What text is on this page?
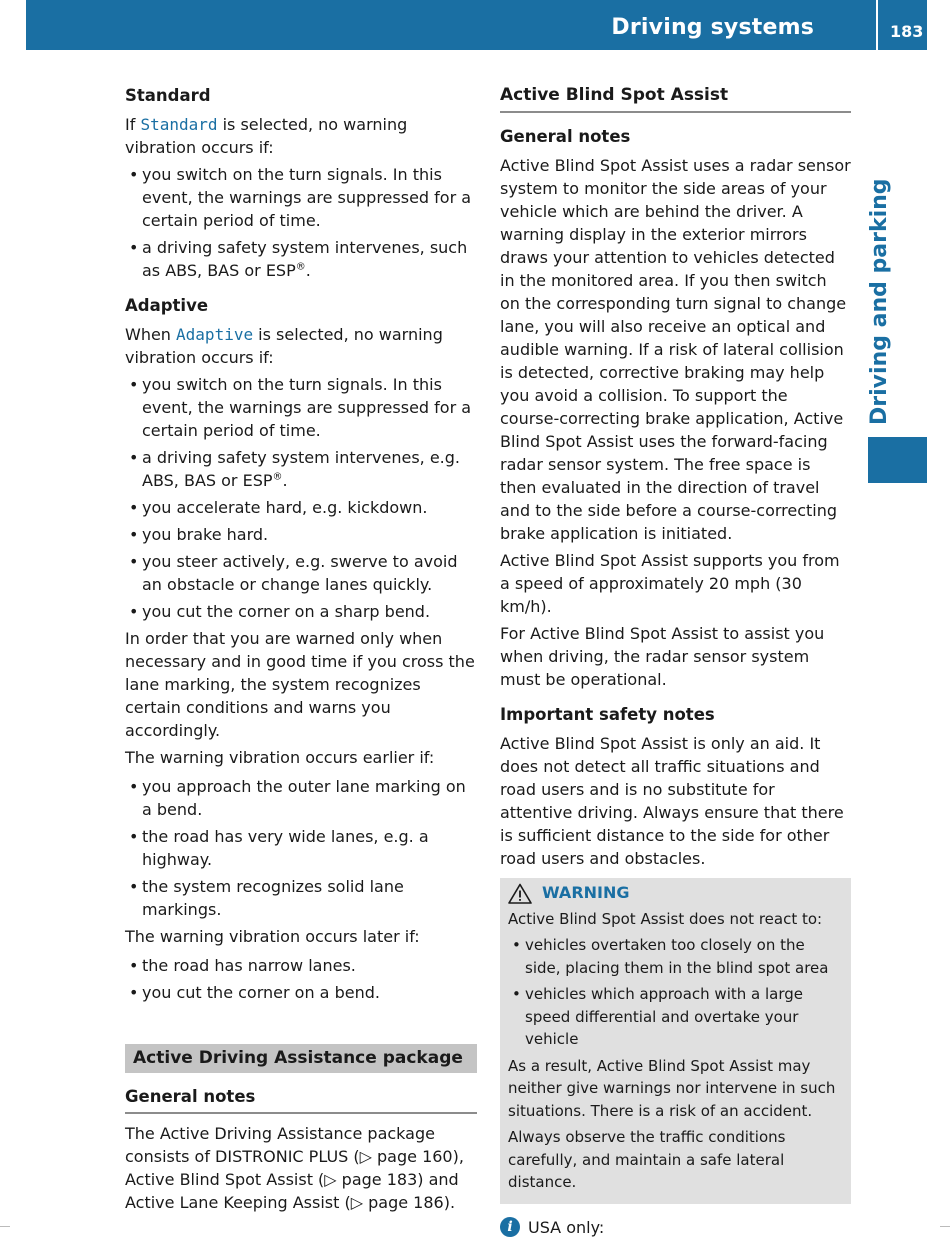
Driving systems	183
Driving and parking
Standard

If Standard is selected, no warning vibration occurs if:

• you switch on the turn signals. In this event, the warnings are suppressed for a certain period of time.
• a driving safety system intervenes, such as ABS, BAS or ESP®.
Adaptive

When Adaptive is selected, no warning vibration occurs if:

• you switch on the turn signals. In this event, the warnings are suppressed for a certain period of time.
• a driving safety system intervenes, e.g. ABS, BAS or ESP®.
• you accelerate hard, e.g. kickdown.
• you brake hard.
• you steer actively, e.g. swerve to avoid an obstacle or change lanes quickly.
• you cut the corner on a sharp bend.

In order that you are warned only when necessary and in good time if you cross the lane marking, the system recognizes certain conditions and warns you accordingly.

The warning vibration occurs earlier if:

• you approach the outer lane marking on a bend.
• the road has very wide lanes, e.g. a highway.
• the system recognizes solid lane markings.

The warning vibration occurs later if:

• the road has narrow lanes.
• you cut the corner on a bend.
Active Driving Assistance package
General notes

The Active Driving Assistance package consists of DISTRONIC PLUS (▷ page 160), Active Blind Spot Assist (▷ page 183) and Active Lane Keeping Assist (▷ page 186).

Active Blind Spot Assist
General notes

Active Blind Spot Assist uses a radar sensor system to monitor the side areas of your vehicle which are behind the driver. A warning display in the exterior mirrors draws your attention to vehicles detected in the monitored area. If you then switch on the corresponding turn signal to change lane, you will also receive an optical and audible warning. If a risk of lateral collision is detected, corrective braking may help you avoid a collision. To support the course-correcting brake application, Active Blind Spot Assist uses the forward-facing radar sensor system. The free space is then evaluated in the direction of travel and to the side before a course-correcting brake application is initiated.

Active Blind Spot Assist supports you from a speed of approximately 20 mph (30 km/h).

For Active Blind Spot Assist to assist you when driving, the radar sensor system must be operational.

Important safety notes

Active Blind Spot Assist is only an aid. It does not detect all traffic situations and road users and is no substitute for attentive driving. Always ensure that there is sufficient distance to the side for other road users and obstacles.

WARNING

Active Blind Spot Assist does not react to:

• vehicles overtaken too closely on the side, placing them in the blind spot area
• vehicles which approach with a large speed differential and overtake your vehicle

As a result, Active Blind Spot Assist may neither give warnings nor intervene in such situations. There is a risk of an accident.

Always observe the traffic conditions carefully, and maintain a safe lateral distance.

i USA only:
